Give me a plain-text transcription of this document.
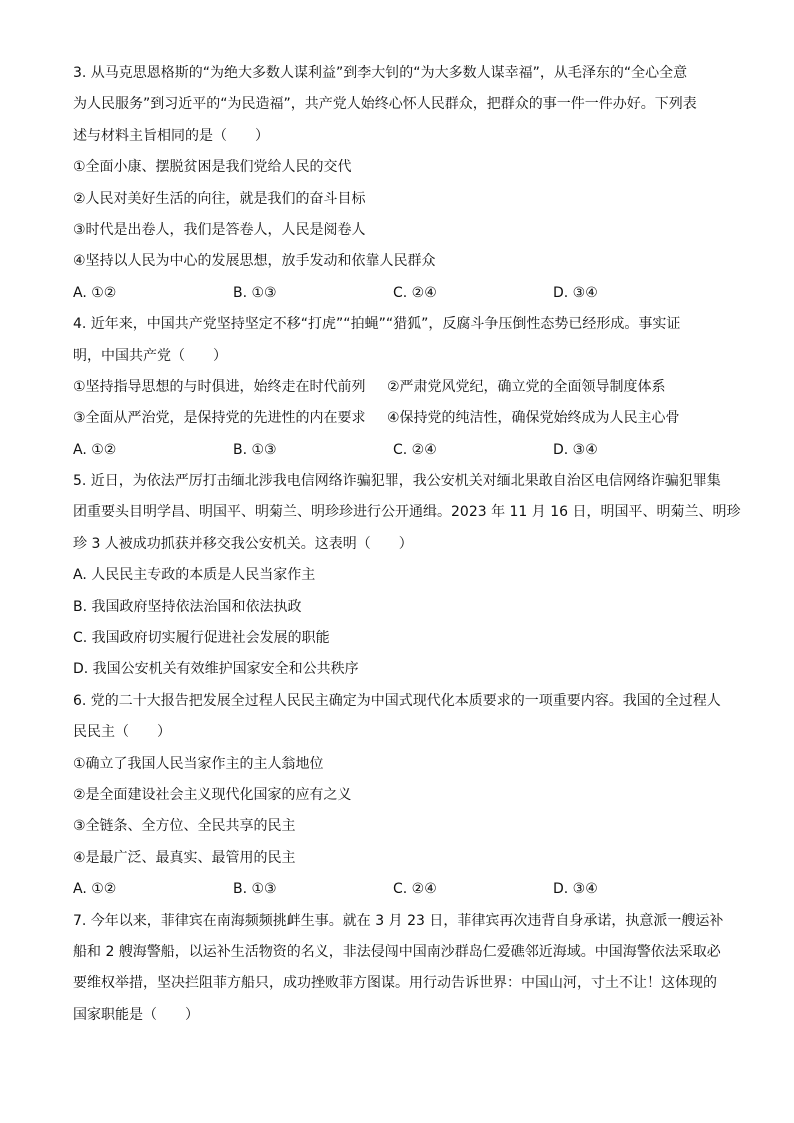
3. 从马克思恩格斯的“为绝大多数人谋利益”到李大钊的“为大多数人谋幸福”，从毛泽东的“全心全意
为人民服务”到习近平的“为民造福”，共产党人始终心怀人民群众，把群众的事一件一件办好。下列表
述与材料主旨相同的是（　　）
①全面小康、摆脱贫困是我们党给人民的交代
②人民对美好生活的向往，就是我们的奋斗目标
③时代是出卷人，我们是答卷人，人民是阅卷人
④坚持以人民为中心的发展思想，放手发动和依靠人民群众
A. ①②	B. ①③	C. ②④	D. ③④
4. 近年来，中国共产党坚持坚定不移“打虎”“拍蝇”“猎狐”，反腐斗争压倒性态势已经形成。事实证
明，中国共产党（　　）
①坚持指导思想的与时俱进，始终走在时代前列	②严肃党风党纪，确立党的全面领导制度体系
③全面从严治党，是保持党的先进性的内在要求	④保持党的纯洁性，确保党始终成为人民主心骨
A. ①②	B. ①③	C. ②④	D. ③④
5. 近日，为依法严厉打击缅北涉我电信网络诈骗犯罪，我公安机关对缅北果敢自治区电信网络诈骗犯罪集
团重要头目明学昌、明国平、明菊兰、明珍珍进行公开通缉。2023 年 11 月 16 日，明国平、明菊兰、明珍
珍 3 人被成功抓获并移交我公安机关。这表明（　　）
A. 人民民主专政的本质是人民当家作主
B. 我国政府坚持依法治国和依法执政
C. 我国政府切实履行促进社会发展的职能
D. 我国公安机关有效维护国家安全和公共秩序
6. 党的二十大报告把发展全过程人民民主确定为中国式现代化本质要求的一项重要内容。我国的全过程人
民民主（　　）
①确立了我国人民当家作主的主人翁地位
②是全面建设社会主义现代化国家的应有之义
③全链条、全方位、全民共享的民主
④是最广泛、最真实、最管用的民主
A. ①②	B. ①③	C. ②④	D. ③④
7. 今年以来，菲律宾在南海频频挑衅生事。就在 3 月 23 日，菲律宾再次违背自身承诺，执意派一艘运补
船和 2 艘海警船，以运补生活物资的名义，非法侵闯中国南沙群岛仁爱礁邻近海域。中国海警依法采取必
要维权举措，坚决拦阻菲方船只，成功挫败菲方图谋。用行动告诉世界：中国山河，寸土不让！这体现的
国家职能是（　　）
